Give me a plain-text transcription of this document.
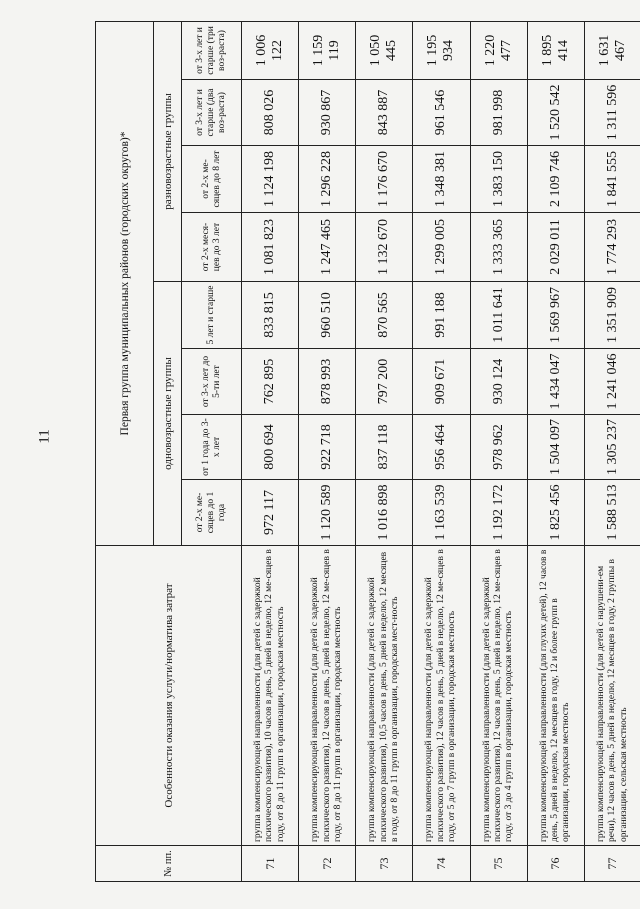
11
№ пп.	Особенности оказания услуги/норматива затрат	Первая группа муниципальных районов (городских округов)*							
		одновозрастные группы				разновозрастные группы			
		от 2-х ме-сяцев до 1 года	от 1 года до 3-х лет	от 3-х лет до 5-ти лет	5 лет и старше	от 2-х меся-цев до 3 лет	от 2-х ме-сяцев до 8 лет	от 3-х лет и старше (два воз-раста)	от 3-х лет и старше (три воз-раста)
71	группа компенсирующей направленности (для детей с задержкой психического развития), 10 часов в день, 5 дней в неделю, 12 ме-сяцев в году, от 8 до 11 групп в организации, городская местность	972 117	800 694	762 895	833 815	1 081 823	1 124 198	808 026	1 006 122
72	группа компенсирующей направленности (для детей с задержкой психического развития), 12 часов в день, 5 дней в неделю, 12 ме-сяцев в году, от 8 до 11 групп в организации, городская местность	1 120 589	922 718	878 993	960 510	1 247 465	1 296 228	930 867	1 159 119
73	группа компенсирующей направленности (для детей с задержкой психического развития), 10,5 часов в день, 5 дней в неделю, 12 месяцев в году, от 8 до 11 групп в организации, городская мест-ность	1 016 898	837 118	797 200	870 565	1 132 670	1 176 670	843 887	1 050 445
74	группа компенсирующей направленности (для детей с задержкой психического развития), 12 часов в день, 5 дней в неделю, 12 ме-сяцев в году, от 5 до 7 групп в организации, городская местность	1 163 539	956 464	909 671	991 188	1 299 005	1 348 381	961 546	1 195 934
75	группа компенсирующей направленности (для детей с задержкой психического развития), 12 часов в день, 5 дней в неделю, 12 ме-сяцев в году, от 3 до 4 групп в организации, городская местность	1 192 172	978 962	930 124	1 011 641	1 333 365	1 383 150	981 998	1 220 477
76	группа компенсирующей направленности (для глухих детей), 12 часов в день, 5 дней в неделю, 12 месяцев в году, 12 и более групп в организации, городская местность	1 825 456	1 504 097	1 434 047	1 569 967	2 029 011	2 109 746	1 520 542	1 895 414
77	группа компенсирующей направленности (для детей с нарушени-ем речи), 12 часов в день, 5 дней в неделю, 12 месяцев в году, 2 группы в организации, сельская местность	1 588 513	1 305 237	1 241 046	1 351 909	1 774 293	1 841 555	1 311 596	1 631 467
